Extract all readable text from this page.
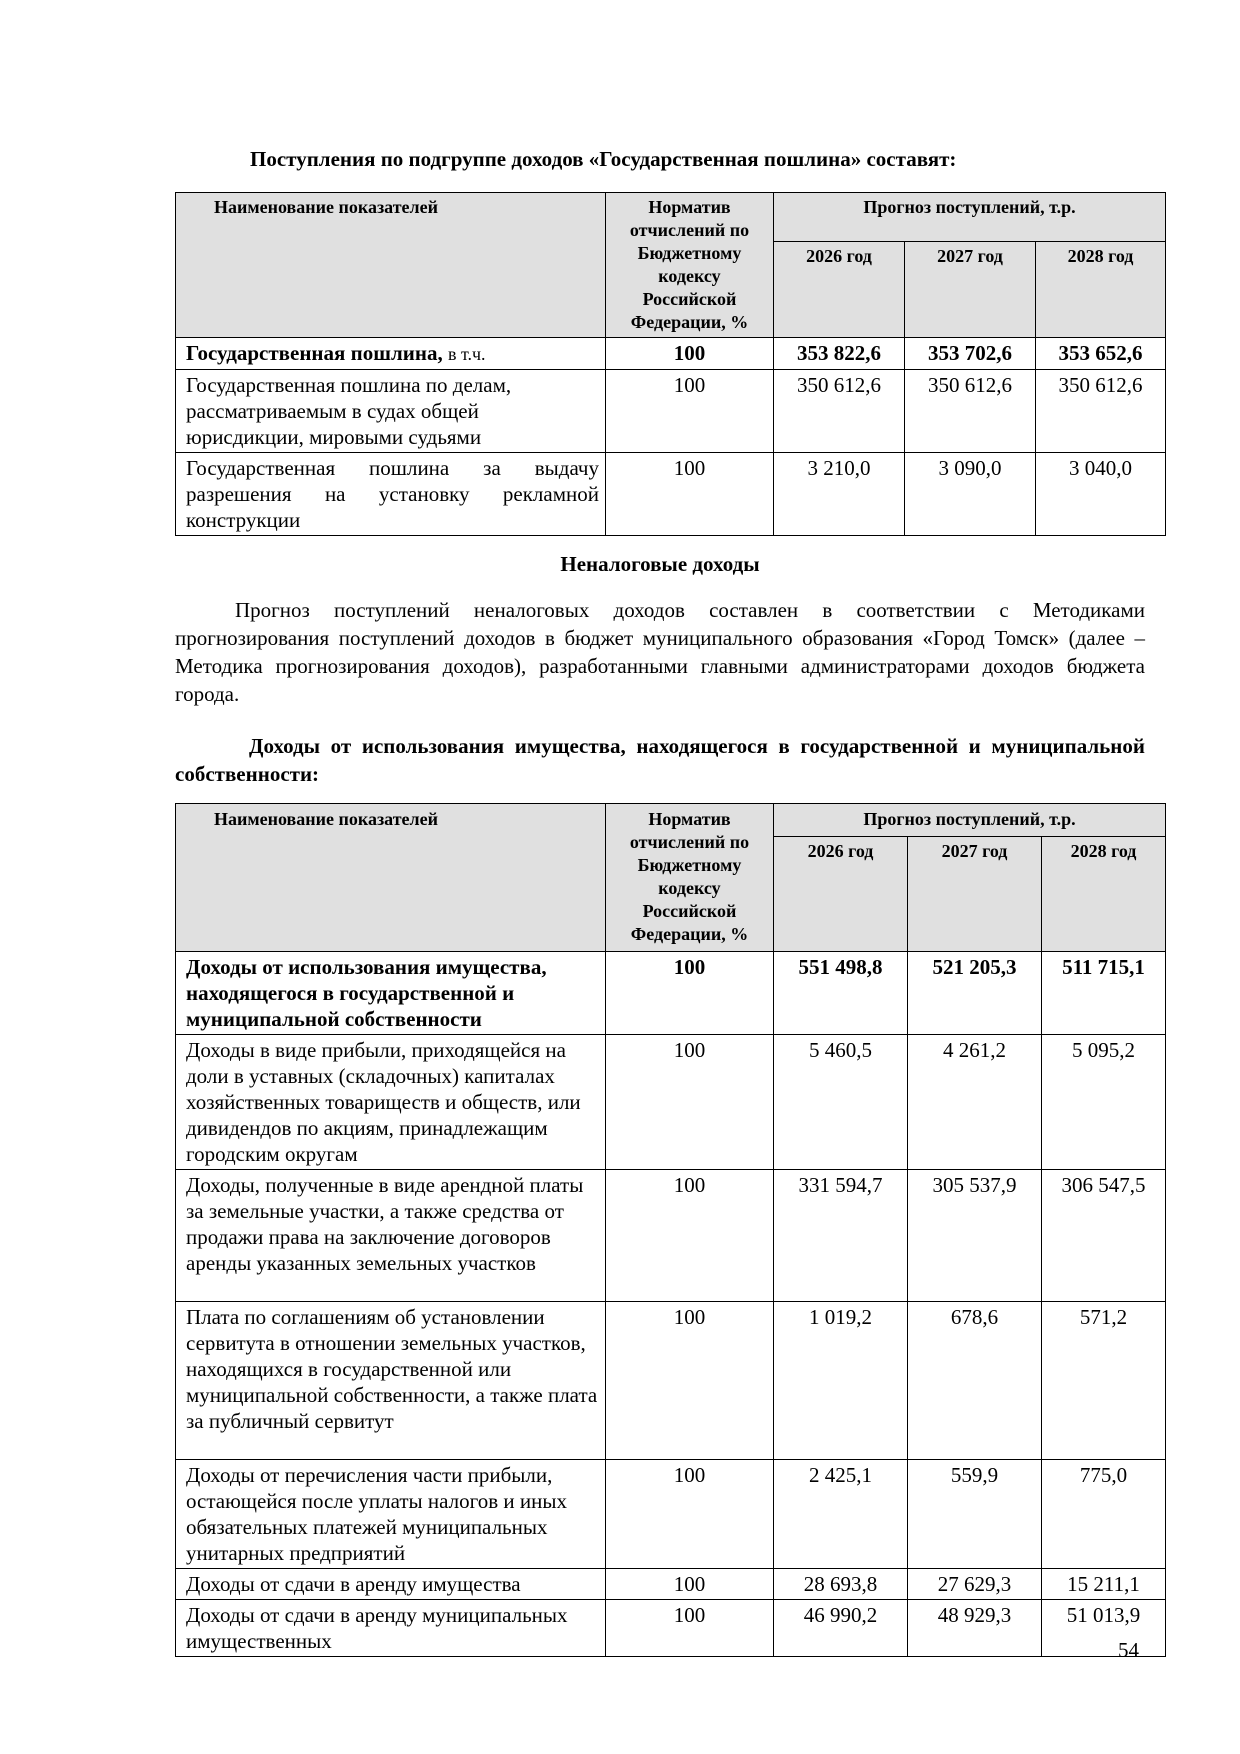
Поступления по подгруппе доходов «Государственная пошлина» составят:
Наименование показателей	Норматив отчислений по Бюджетному кодексу Российской Федерации, %	Прогноз поступлений, т.р.		
		2026 год	2027 год	2028 год
Государственная пошлина, в т.ч.	100	353 822,6	353 702,6	353 652,6
Государственная пошлина по делам, рассматриваемым в судах общей юрисдикции, мировыми судьями	100	350 612,6	350 612,6	350 612,6

Государственная пошлина за выдачу разрешения на установку рекламной конструкции	100	3 210,0	3 090,0	3 040,0
Неналоговые доходы
Прогноз поступлений неналоговых доходов составлен в соответствии с Методиками прогнозирования поступлений доходов в бюджет муниципального образования «Город Томск» (далее – Методика прогнозирования доходов), разработанными главными администраторами доходов бюджета города.
Доходы от использования имущества, находящегося в государственной и муниципальной собственности:
Наименование показателей	Норматив отчислений по Бюджетному кодексу Российской Федерации, %	Прогноз поступлений, т.р.		
		2026 год	2027 год	2028 год
Доходы от использования имущества, находящегося в государственной и муниципальной собственности	100	551 498,8	521 205,3	511 715,1
Доходы в виде прибыли, приходящейся на доли в уставных (складочных) капиталах хозяйственных товариществ и обществ, или дивидендов по акциям, принадлежащим городским округам	100	5 460,5	4 261,2	5 095,2
Доходы, полученные в виде арендной платы за земельные участки, а также средства от продажи права на заключение договоров аренды указанных земельных участков	100	331 594,7	305 537,9	306 547,5
Плата по соглашениям об установлении сервитута в отношении земельных участков, находящихся в государственной или муниципальной собственности, а также плата за публичный сервитут	100	1 019,2	678,6	571,2
Доходы от перечисления части прибыли, остающейся после уплаты налогов и иных обязательных платежей муниципальных унитарных предприятий	100	2 425,1	559,9	775,0
Доходы от сдачи в аренду имущества	100	28 693,8	27 629,3	15 211,1
Доходы от сдачи в аренду муниципальных имущественных	100	46 990,2	48 929,3	51 013,9
54
